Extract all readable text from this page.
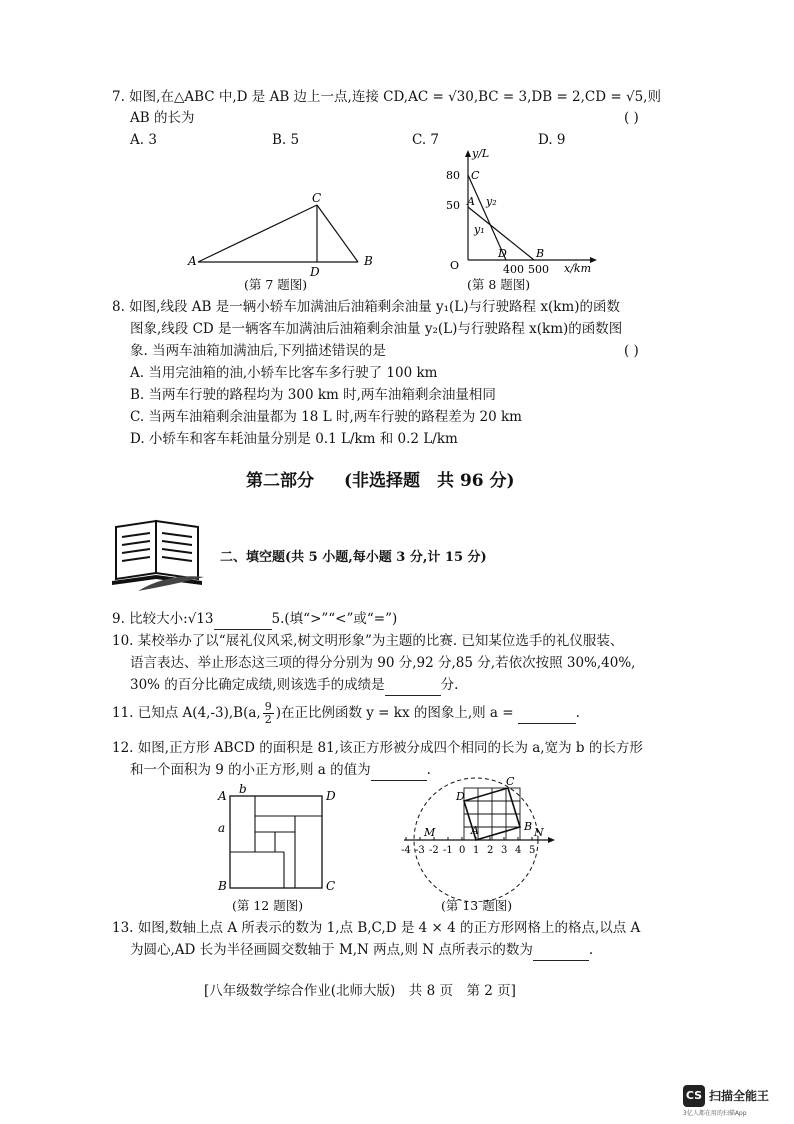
7. 如图,在△ABC 中,D 是 AB 边上一点,连接 CD,AC = √30,BC = 3,DB = 2,CD = √5,则
AB 的长为	( )
A. 3	B. 5	C. 7	D. 9
A	B
C
D
(第 7 题图)
y/L
x/km
O
80
50
400 500
C
A
D	B
y₂
y₁
(第 8 题图)
8. 如图,线段 AB 是一辆小轿车加满油后油箱剩余油量 y₁(L)与行驶路程 x(km)的函数
图象,线段 CD 是一辆客车加满油后油箱剩余油量 y₂(L)与行驶路程 x(km)的函数图
象. 当两车油箱加满油后,下列描述错误的是	( )
A. 当用完油箱的油,小轿车比客车多行驶了 100 km
B. 当两车行驶的路程均为 300 km 时,两车油箱剩余油量相同
C. 当两车油箱剩余油量都为 18 L 时,两车行驶的路程差为 20 km
D. 小轿车和客车耗油量分别是 0.1 L/km 和 0.2 L/km
第二部分 (非选择题　共 96 分)
二、填空题(共 5 小题,每小题 3 分,计 15 分)
9. 比较大小:√13	5.(填“>”“<”或“=”)
10. 某校举办了以“展礼仪风采,树文明形象”为主题的比赛. 已知某位选手的礼仪服装、
语言表达、举止形态这三项的得分分别为 90 分,92 分,85 分,若依次按照 30%,40%,
30% 的百分比确定成绩,则该选手的成绩是	分.
11. 已知点 A(4,-3),B(a, $\frac{9}{2}$ )在正比例函数 y = kx 的图象上,则 a =	.
12. 如图,正方形 ABCD 的面积是 81,该正方形被分成四个相同的长为 a,宽为 b 的长方形
和一个面积为 9 的小正方形,则 a 的值为	.
A	D
B	C
b
a
(第 12 题图)
-4 -3 -2 -1 0 1 2 3 4 5
D
C
B
A
M	N
(第 13 题图)
13. 如图,数轴上点 A 所表示的数为 1,点 B,C,D 是 4 × 4 的正方形网格上的格点,以点 A
为圆心,AD 长为半径画圆交数轴于 M,N 两点,则 N 点所表示的数为	.
[八年级数学综合作业(北师大版)　共 8 页　第 2 页]
CS 扫描全能王
3亿人都在用的扫描App
